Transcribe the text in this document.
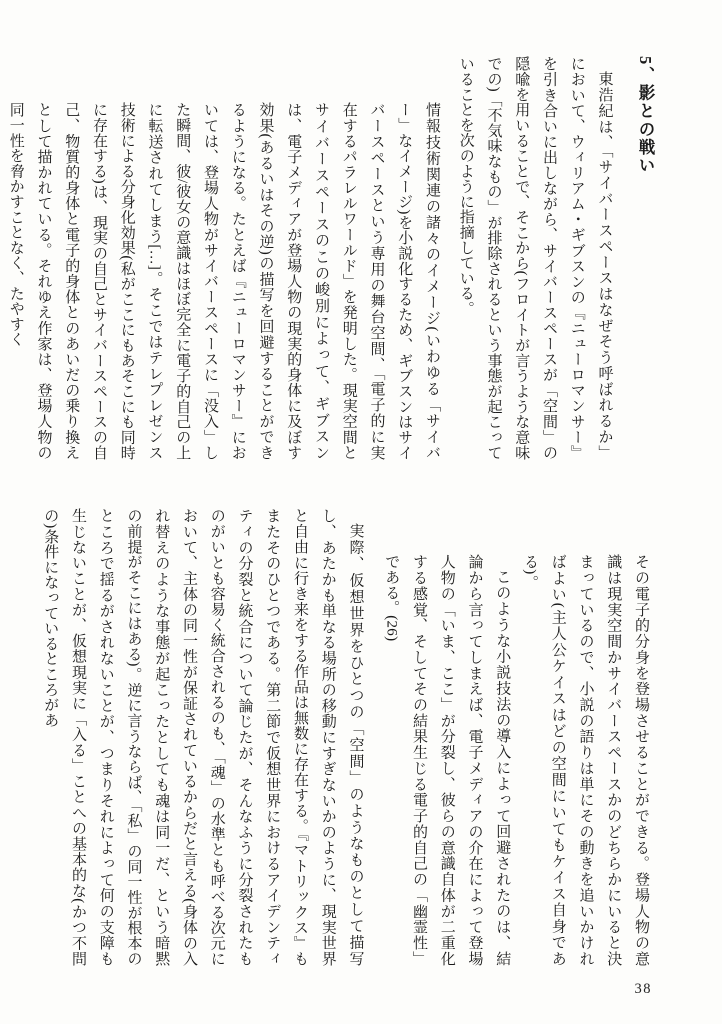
5、影との戦い

東浩紀は、「サイバースペースはなぜそう呼ばれるか」において、ウィリアム・ギブスンの『ニューロマンサー』を引き合いに出しながら、サイバースペースが「空間」の隠喩を用いることで、そこから(フロイトが言うような意味での)「不気味なもの」が排除されるという事態が起こっていることを次のように指摘している。

情報技術関連の諸々のイメージ(いわゆる「サイバー」なイメージ)を小説化するため、ギブスンはサイバースペースという専用の舞台空間、「電子的に実在するパラレルワールド」を発明した。現実空間とサイバースペースのこの峻別によって、ギブスンは、電子メディアが登場人物の現実的身体に及ぼす効果(あるいはその逆)の描写を回避することができるようになる。たとえば『ニューロマンサー』においては、登場人物がサイバースペースに「没入」した瞬間、彼/彼女の意識はほぼ完全に電子的自己の上に転送されてしまう[…]。そこではテレプレゼンス技術による分身化効果(私がここにもあそこにも同時に存在する)は、現実の自己とサイバースペースの自己、物質的身体と電子的身体とのあいだの乗り換えとして描かれている。それゆえ作家は、登場人物の同一性を脅かすことなく、たやすく

その電子的分身を登場させることができる。登場人物の意識は現実空間かサイバースペースかのどちらかにいると決まっているので、小説の語りは単にその動きを追いかければよい(主人公ケイスはどの空間にいてもケイス自身である)。

このような小説技法の導入によって回避されたのは、結論から言ってしまえば、電子メディアの介在によって登場人物の「いま、ここ」が分裂し、彼らの意識自体が二重化する感覚、そしてその結果生じる電子的自己の「幽霊性」である。(26)

実際、仮想世界をひとつの「空間」のようなものとして描写し、あたかも単なる場所の移動にすぎないかのように、現実世界と自由に行き来をする作品は無数に存在する。『マトリックス』もまたそのひとつである。第二節で仮想世界におけるアイデンティティの分裂と統合について論じたが、そんなふうに分裂されたものがいとも容易く統合されるのも、「魂」の水準とも呼べる次元において、主体の同一性が保証されているからだと言える(身体の入れ替えのような事態が起こったとしても魂は同一だ、という暗黙の前提がそこにはある)。逆に言うならば、「私」の同一性が根本のところで揺るがされないことが、つまりそれによって何の支障も生じないことが、仮想現実に「入る」ことへの基本的な(かつ不問の)条件になっているところがあ

38
